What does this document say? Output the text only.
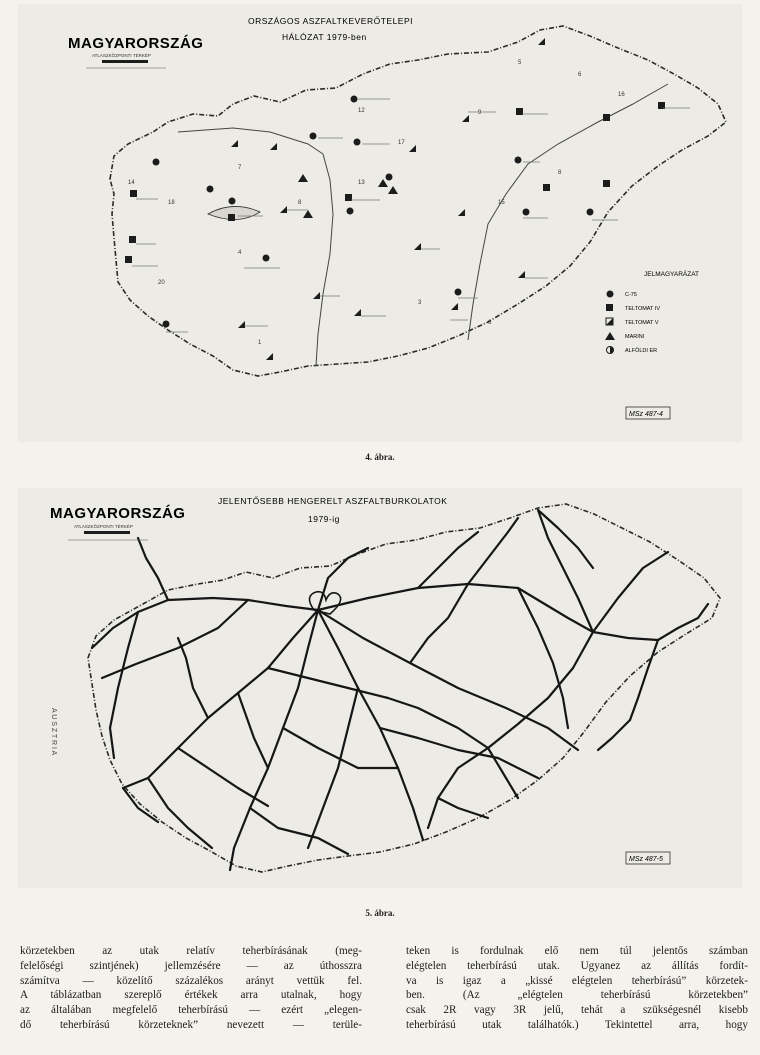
5
6
16
12	9
17
18
14
7
8	15
8
20
4
3
6
1
13
MAGYARORSZÁG
ATLASZKÖZPONTI TÉRKÉP
ORSZÁGOS ASZFALTKEVERŐTELEPI
HÁLÓZAT 1979-ben
JELMAGYARÁZAT
C-75
TELTOMAT IV
TELTOMAT V
MARINI
ALFÖLDI ER
MSz 487-4
4. ábra.
A U S Z T R I A
MAGYARORSZÁG
ATLASZKÖZPONTI TÉRKÉP
JELENTŐSEBB HENGERELT ASZFALTBURKOLATOK
1979-ig
MSz 487-5
5. ábra.
körzetekben az utak relatív teherbírásának (meg-
felelőségi szintjének) jellemzésére — az úthosszra
számítva — közelítő százalékos arányt vettük fel.
A táblázatban szereplő értékek arra utalnak, hogy
az általában megfelelő teherbírású — ezért „elegen-
dő teherbírású körzeteknek” nevezett — terüle-
teken is fordulnak elő nem túl jelentős számban
elégtelen teherbírású utak. Ugyanez az állítás fordít-
va is igaz a „kissé elégtelen teherbírású” körzetek-
ben. (Az „elégtelen teherbírású körzetekben”
csak 2R vagy 3R jelű, tehát a szükségesnél kisebb
teherbírású utak találhatók.) Tekintettel arra, hogy
